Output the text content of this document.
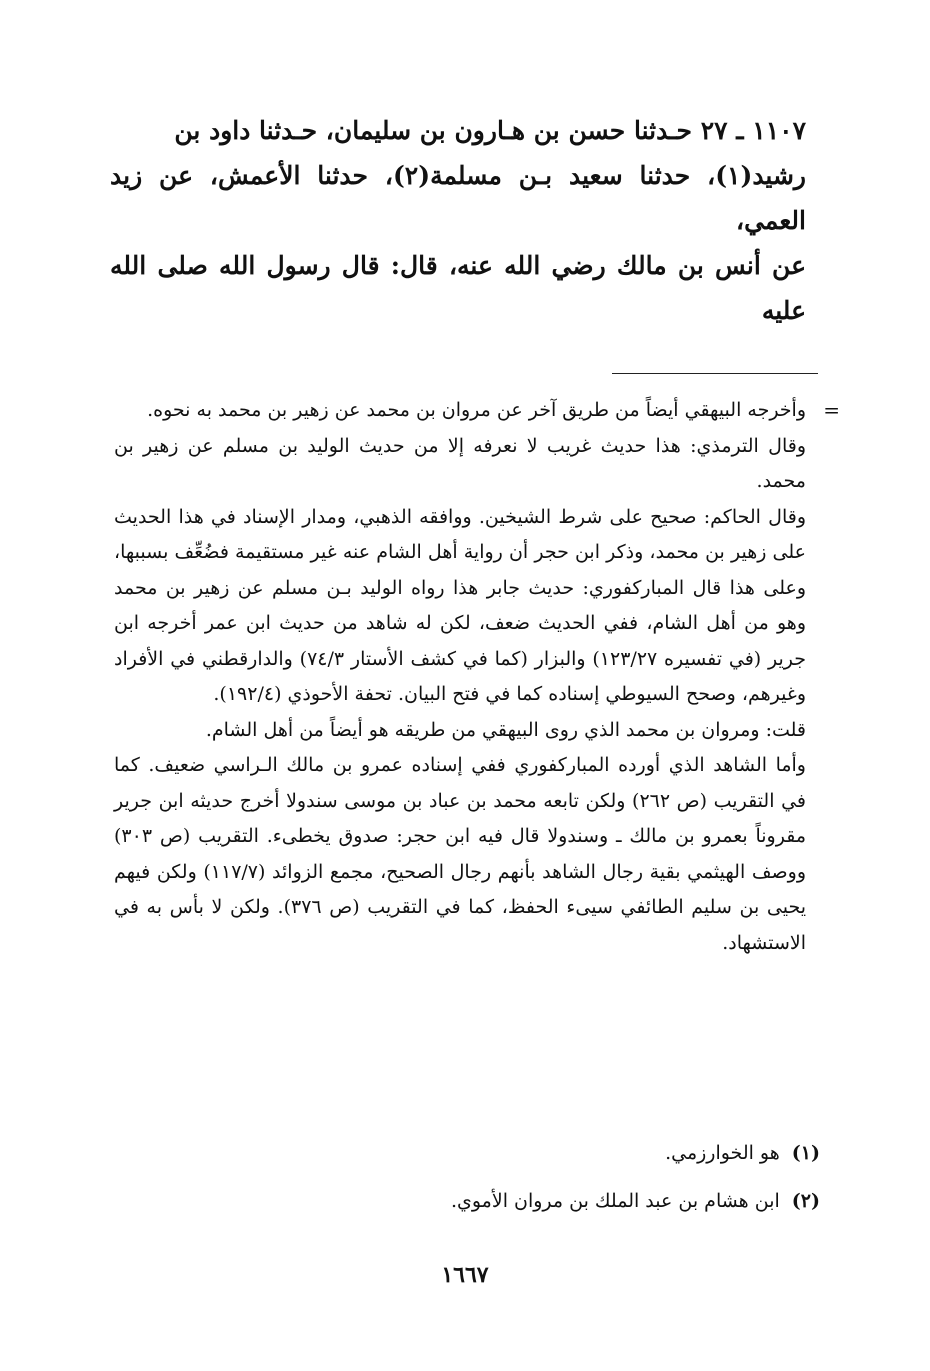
١١٠٧ ـ ٢٧ حـدثنا حسن بن هـارون بن سليمان، حـدثنا داود بن

رشيد(١)، حدثنا سعيد بـن مسلمة(٢)، حدثنا الأعمش، عن زيد العمي،

عن أنس بن مالك رضي الله عنه، قال: قال رسول الله صلى الله عليه

=

وأخرجه البيهقي أيضاً من طريق آخر عن مروان بن محمد عن زهير بن محمد به نحوه.

وقال الترمذي: هذا حديث غريب لا نعرفه إلا من حديث الوليد بن مسلم عن زهير بن محمد.

وقال الحاكم: صحيح على شرط الشيخين. ووافقه الذهبي، ومدار الإسناد في هذا الحديث على زهير بن محمد، وذكر ابن حجر أن رواية أهل الشام عنه غير مستقيمة فضُعِّف بسببها، وعلى هذا قال المباركفوري: حديث جابر هذا رواه الوليد بـن مسلم عن زهير بن محمد وهو من أهل الشام، ففي الحديث ضعف، لكن له شاهد من حديث ابن عمر أخرجه ابن جرير (في تفسيره ١٢٣/٢٧) والبزار (كما في كشف الأستار ٧٤/٣) والدارقطني في الأفراد وغيرهم، وصحح السيوطي إسناده كما في فتح البيان. تحفة الأحوذي (١٩٢/٤).

قلت: ومروان بن محمد الذي روى البيهقي من طريقه هو أيضاً من أهل الشام.

وأما الشاهد الذي أورده المباركفوري ففي إسناده عمرو بن مالك الـراسي ضعيف. كما في التقريب (ص ٢٦٢) ولكن تابعه محمد بن عباد بن موسى سندولا أخرج حديثه ابن جرير مقروناً بعمرو بن مالك ـ وسندولا قال فيه ابن حجر: صدوق يخطىء. التقريب (ص ٣٠٣) ووصف الهيثمي بقية رجال الشاهد بأنهم رجال الصحيح، مجمع الزوائد (١١٧/٧) ولكن فيهم يحيى بن سليم الطائفي سيىء الحفظ، كما في التقريب (ص ٣٧٦). ولكن لا بأس به في الاستشهاد.

(١)
هو الخوارزمي.
(٢)
ابن هشام بن عبد الملك بن مروان الأموي.
١٦٦٧
